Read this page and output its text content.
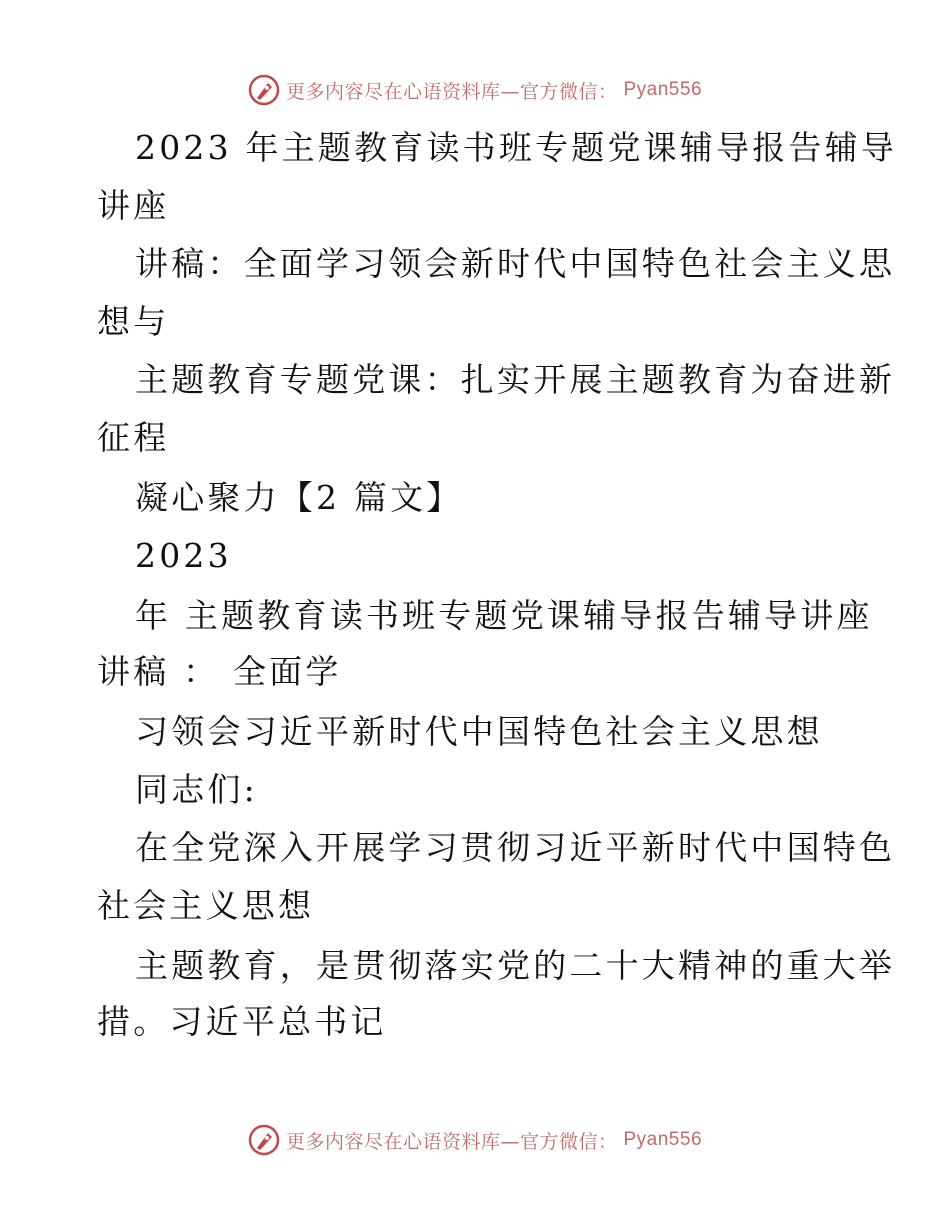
更多内容尽在心语资料库—官方微信： Pyan556
2023 年主题教育读书班专题党课辅导报告辅导
讲座
讲稿：全面学习领会新时代中国特色社会主义思
想与
主题教育专题党课：扎实开展主题教育为奋进新
征程
凝心聚力【2 篇文】
2023
年 主题教育读书班专题党课辅导报告辅导讲座
讲稿 ： 全面学
习领会习近平新时代中国特色社会主义思想
同志们:
在全党深入开展学习贯彻习近平新时代中国特色
社会主义思想
主题教育，是贯彻落实党的二十大精神的重大举
措。习近平总书记
更多内容尽在心语资料库—官方微信： Pyan556
